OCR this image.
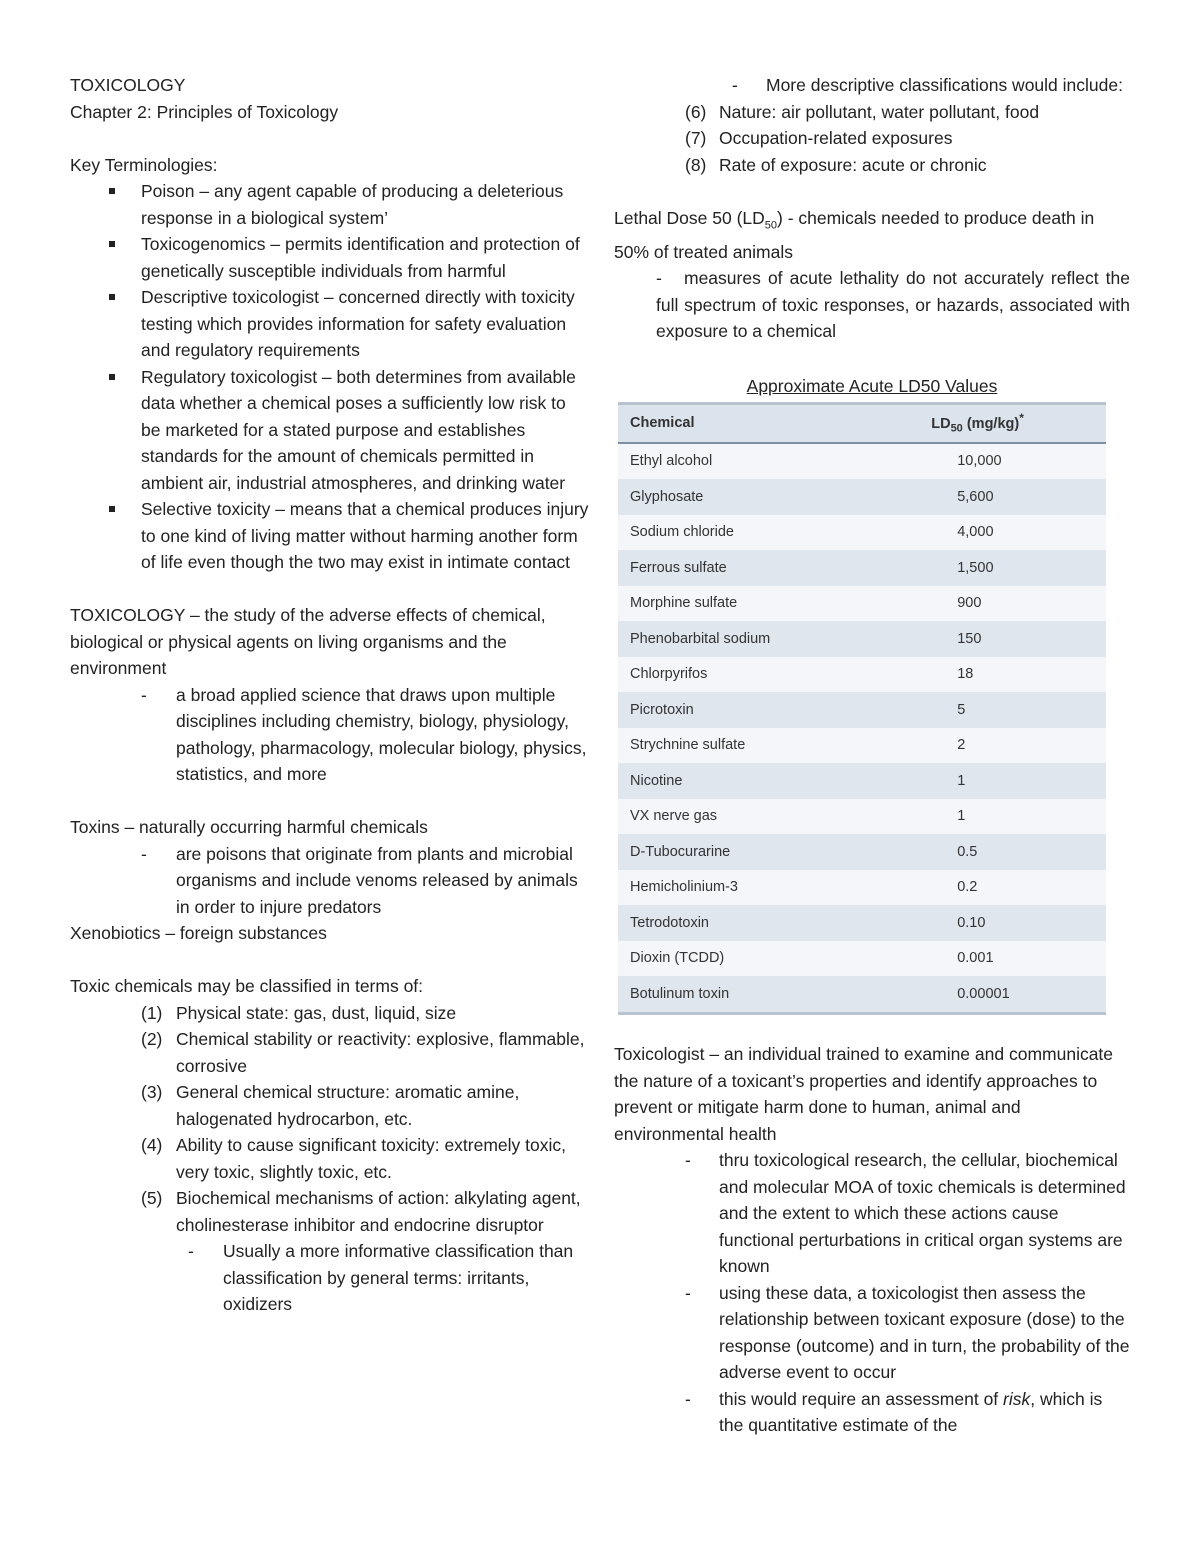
TOXICOLOGY

Chapter 2: Principles of Toxicology

Key Terminologies:

Poison – any agent capable of producing a deleterious response in a biological system’
Toxicogenomics – permits identification and protection of genetically susceptible individuals from harmful
Descriptive toxicologist – concerned directly with toxicity testing which provides information for safety evaluation and regulatory requirements
Regulatory toxicologist – both determines from available data whether a chemical poses a sufficiently low risk to be marketed for a stated purpose and establishes standards for the amount of chemicals permitted in ambient air, industrial atmospheres, and drinking water
Selective toxicity – means that a chemical produces injury to one kind of living matter without harming another form of life even though the two may exist in intimate contact

TOXICOLOGY – the study of the adverse effects of chemical, biological or physical agents on living organisms and the environment

- a broad applied science that draws upon multiple disciplines including chemistry, biology, physiology, pathology, pharmacology, molecular biology, physics, statistics, and more

Toxins – naturally occurring harmful chemicals

- are poisons that originate from plants and microbial organisms and include venoms released by animals in order to injure predators

Xenobiotics – foreign substances

Toxic chemicals may be classified in terms of:

(1) Physical state: gas, dust, liquid, size
(2) Chemical stability or reactivity: explosive, flammable, corrosive
(3) General chemical structure: aromatic amine, halogenated hydrocarbon, etc.
(4) Ability to cause significant toxicity: extremely toxic, very toxic, slightly toxic, etc.
(5) Biochemical mechanisms of action: alkylating agent, cholinesterase inhibitor and endocrine disruptor
- Usually a more informative classification than classification by general terms: irritants, oxidizers
- More descriptive classifications would include:
(6) Nature: air pollutant, water pollutant, food
(7) Occupation-related exposures
(8) Rate of exposure: acute or chronic

Lethal Dose 50 $(LD_{50})$ - chemicals needed to produce death in 50% of treated animals

- measures of acute lethality do not accurately reflect the full spectrum of toxic responses, or hazards, associated with exposure to a chemical

Approximate Acute LD50 Values

Chemical	$LD_{50}$ (mg/kg)*
Ethyl alcohol	10,000
Glyphosate	5,600
Sodium chloride	4,000
Ferrous sulfate	1,500
Morphine sulfate	900
Phenobarbital sodium	150
Chlorpyrifos	18
Picrotoxin	5
Strychnine sulfate	2
Nicotine	1
VX nerve gas	1
D-Tubocurarine	0.5
Hemicholinium-3	0.2
Tetrodotoxin	0.10
Dioxin (TCDD)	0.001
Botulinum toxin	0.00001

Toxicologist – an individual trained to examine and communicate the nature of a toxicant’s properties and identify approaches to prevent or mitigate harm done to human, animal and environmental health

- thru toxicological research, the cellular, biochemical and molecular MOA of toxic chemicals is determined and the extent to which these actions cause functional perturbations in critical organ systems are known
- using these data, a toxicologist then assess the relationship between toxicant exposure (dose) to the response (outcome) and in turn, the probability of the adverse event to occur
- this would require an assessment of risk, which is the quantitative estimate of the
